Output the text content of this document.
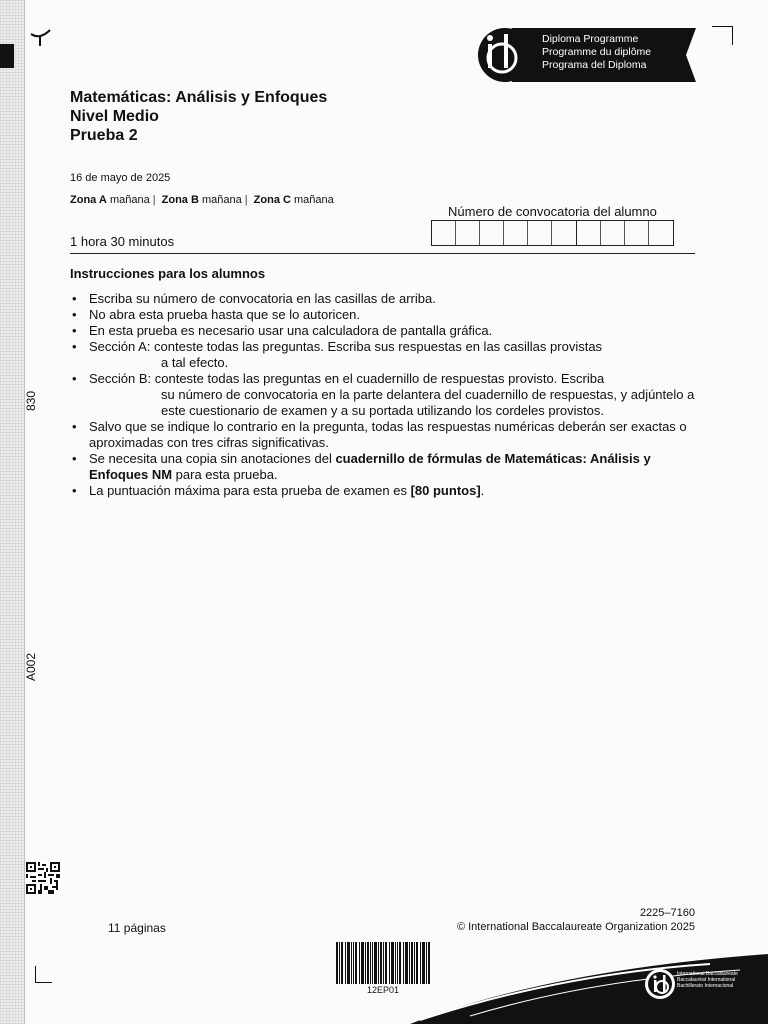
830
A002
Diploma Programme
Programme du diplôme
Programa del Diploma
Matemáticas: Análisis y Enfoques
Nivel Medio
Prueba 2
16 de mayo de 2025
Zona A mañana | Zona B mañana | Zona C mañana
Número de convocatoria del alumno
1 hora 30 minutos
Instrucciones para los alumnos
• Escriba su número de convocatoria en las casillas de arriba.
• No abra esta prueba hasta que se lo autoricen.
• En esta prueba es necesario usar una calculadora de pantalla gráfica.
• Sección A: conteste todas las preguntas. Escriba sus respuestas en las casillas provistas
a tal efecto.
• Sección B: conteste todas las preguntas en el cuadernillo de respuestas provisto. Escriba
su número de convocatoria en la parte delantera del cuadernillo de respuestas, y adjúntelo a este cuestionario de examen y a su portada utilizando los cordeles provistos.
• Salvo que se indique lo contrario en la pregunta, todas las respuestas numéricas deberán ser exactas o aproximadas con tres cifras significativas.
• Se necesita una copia sin anotaciones del cuadernillo de fórmulas de Matemáticas: Análisis y Enfoques NM para esta prueba.
• La puntuación máxima para esta prueba de examen es [80 puntos].
11 páginas
2225–7160
© International Baccalaureate Organization 2025
12EP01
International Baccalaureate
Baccalauréat International
Bachillerato Internacional
